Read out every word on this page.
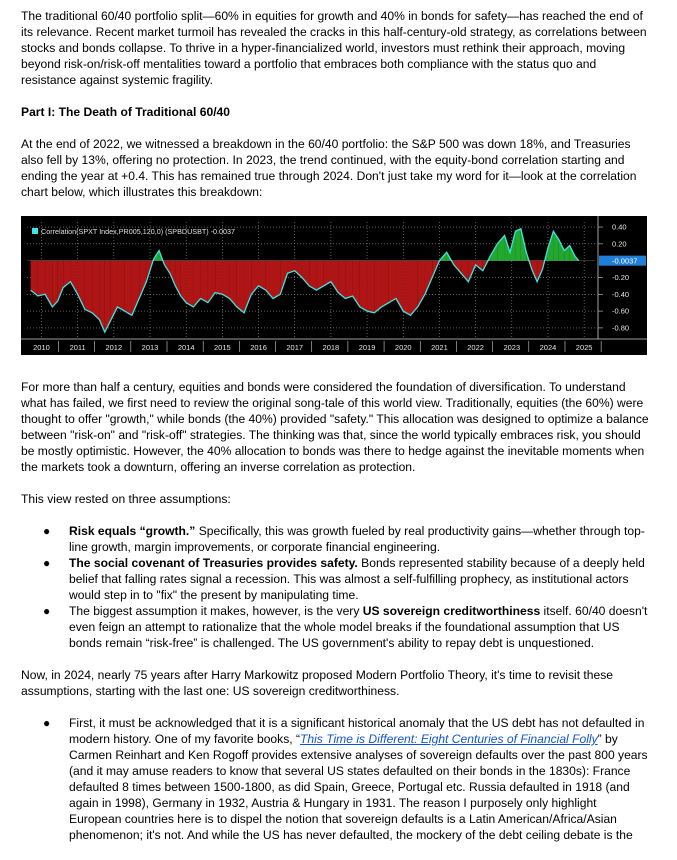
The traditional 60/40 portfolio split—60% in equities for growth and 40% in bonds for safety—has reached the end of its relevance. Recent market turmoil has revealed the cracks in this half-century-old strategy, as correlations between stocks and bonds collapse. To thrive in a hyper-financialized world, investors must rethink their approach, moving beyond risk-on/risk-off mentalities toward a portfolio that embraces both compliance with the status quo and resistance against systemic fragility.

Part I: The Death of Traditional 60/40

At the end of 2022, we witnessed a breakdown in the 60/40 portfolio: the S&P 500 was down 18%, and Treasuries also fell by 13%, offering no protection. In 2023, the trend continued, with the equity-bond correlation starting and ending the year at +0.4. This has remained true through 2024. Don't just take my word for it—look at the correlation chart below, which illustrates this breakdown:

2010	2011	2012	2013	2014	2015	2016	2017	2018	2019	2020	2021	2022	2023	2024	2025
0.40
0.20
-0.20
-0.40
-0.60
-0.80
-0.0037
Correlation(SPXT Index,PR005,120,0) (SPBDUSBT) -0.0037

For more than half a century, equities and bonds were considered the foundation of diversification. To understand what has failed, we first need to review the original song-tale of this world view. Traditionally, equities (the 60%) were thought to offer "growth," while bonds (the 40%) provided "safety." This allocation was designed to optimize a balance between "risk-on" and "risk-off" strategies. The thinking was that, since the world typically embraces risk, you should be mostly optimistic. However, the 40% allocation to bonds was there to hedge against the inevitable moments when the markets took a downturn, offering an inverse correlation as protection.

This view rested on three assumptions:

● Risk equals “growth.” Specifically, this was growth fueled by real productivity gains—whether through top-line growth, margin improvements, or corporate financial engineering.
● The social covenant of Treasuries provides safety. Bonds represented stability because of a deeply held belief that falling rates signal a recession. This was almost a self-fulfilling prophecy, as institutional actors would step in to "fix" the present by manipulating time.
● The biggest assumption it makes, however, is the very US sovereign creditworthiness itself. 60/40 doesn't even feign an attempt to rationalize that the whole model breaks if the foundational assumption that US bonds remain “risk-free” is challenged. The US government's ability to repay debt is unquestioned.

Now, in 2024, nearly 75 years after Harry Markowitz proposed Modern Portfolio Theory, it's time to revisit these assumptions, starting with the last one: US sovereign creditworthiness.

● First, it must be acknowledged that it is a significant historical anomaly that the US debt has not defaulted in modern history. One of my favorite books, “This Time is Different: Eight Centuries of Financial Folly” by Carmen Reinhart and Ken Rogoff provides extensive analyses of sovereign defaults over the past 800 years (and it may amuse readers to know that several US states defaulted on their bonds in the 1830s): France defaulted 8 times between 1500-1800, as did Spain, Greece, Portugal etc. Russia defaulted in 1918 (and again in 1998), Germany in 1932, Austria & Hungary in 1931. The reason I purposely only highlight European countries here is to dispel the notion that sovereign defaults is a Latin American/Africa/Asian phenomenon; it's not. And while the US has never defaulted, the mockery of the debt ceiling debate is the
